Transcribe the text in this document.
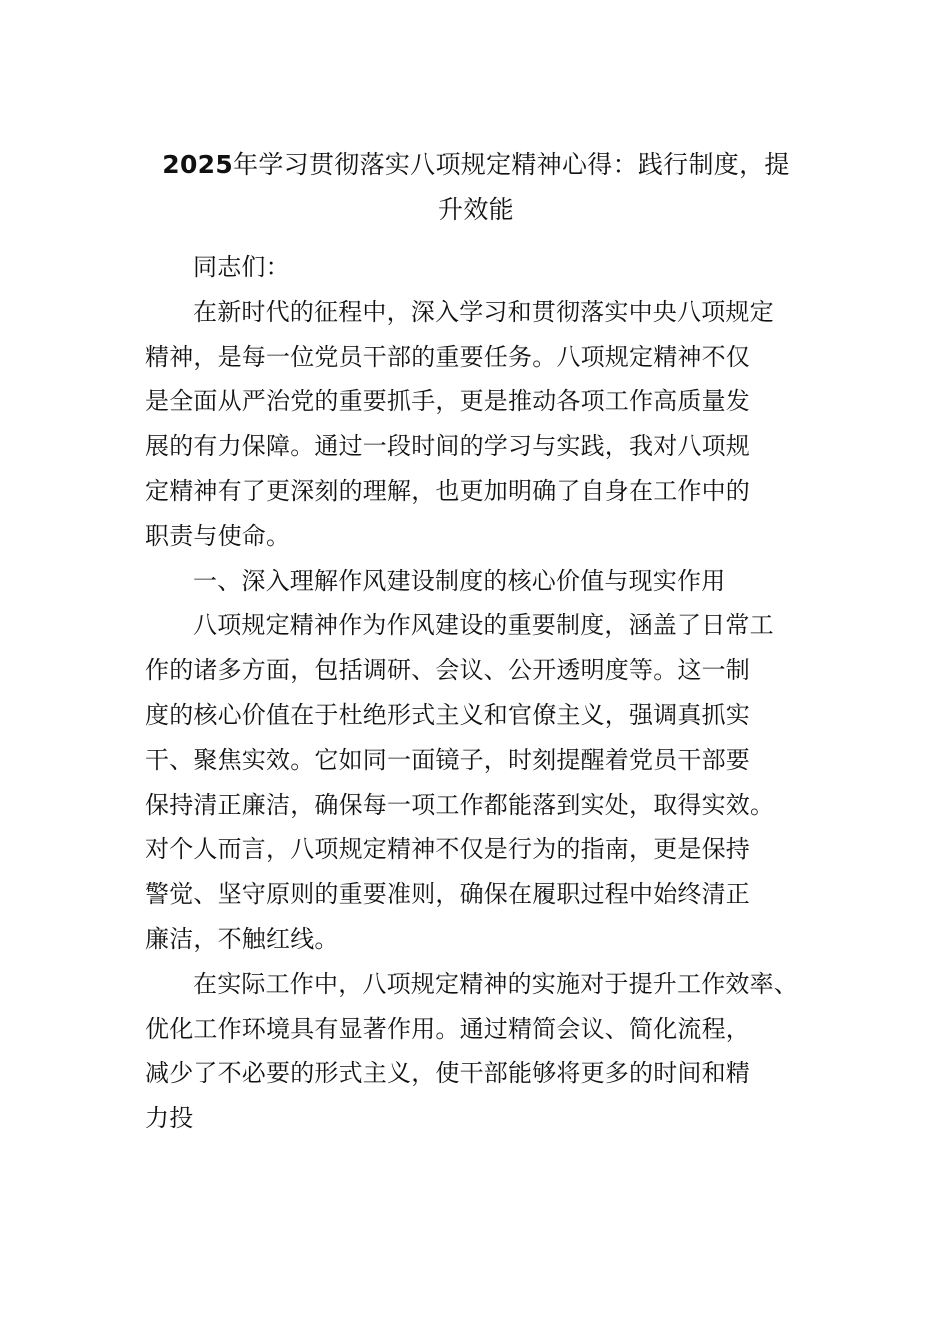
2025年学习贯彻落实八项规定精神心得：践行制度，提
升效能

同志们：

在新时代的征程中，深入学习和贯彻落实中央八项规定
精神，是每一位党员干部的重要任务。八项规定精神不仅
是全面从严治党的重要抓手，更是推动各项工作高质量发
展的有力保障。通过一段时间的学习与实践，我对八项规
定精神有了更深刻的理解，也更加明确了自身在工作中的
职责与使命。

一、深入理解作风建设制度的核心价值与现实作用

八项规定精神作为作风建设的重要制度，涵盖了日常工
作的诸多方面，包括调研、会议、公开透明度等。这一制
度的核心价值在于杜绝形式主义和官僚主义，强调真抓实
干、聚焦实效。它如同一面镜子，时刻提醒着党员干部要
保持清正廉洁，确保每一项工作都能落到实处，取得实效。
对个人而言，八项规定精神不仅是行为的指南，更是保持
警觉、坚守原则的重要准则，确保在履职过程中始终清正
廉洁，不触红线。

在实际工作中，八项规定精神的实施对于提升工作效率、
优化工作环境具有显著作用。通过精简会议、简化流程，
减少了不必要的形式主义，使干部能够将更多的时间和精
力投
